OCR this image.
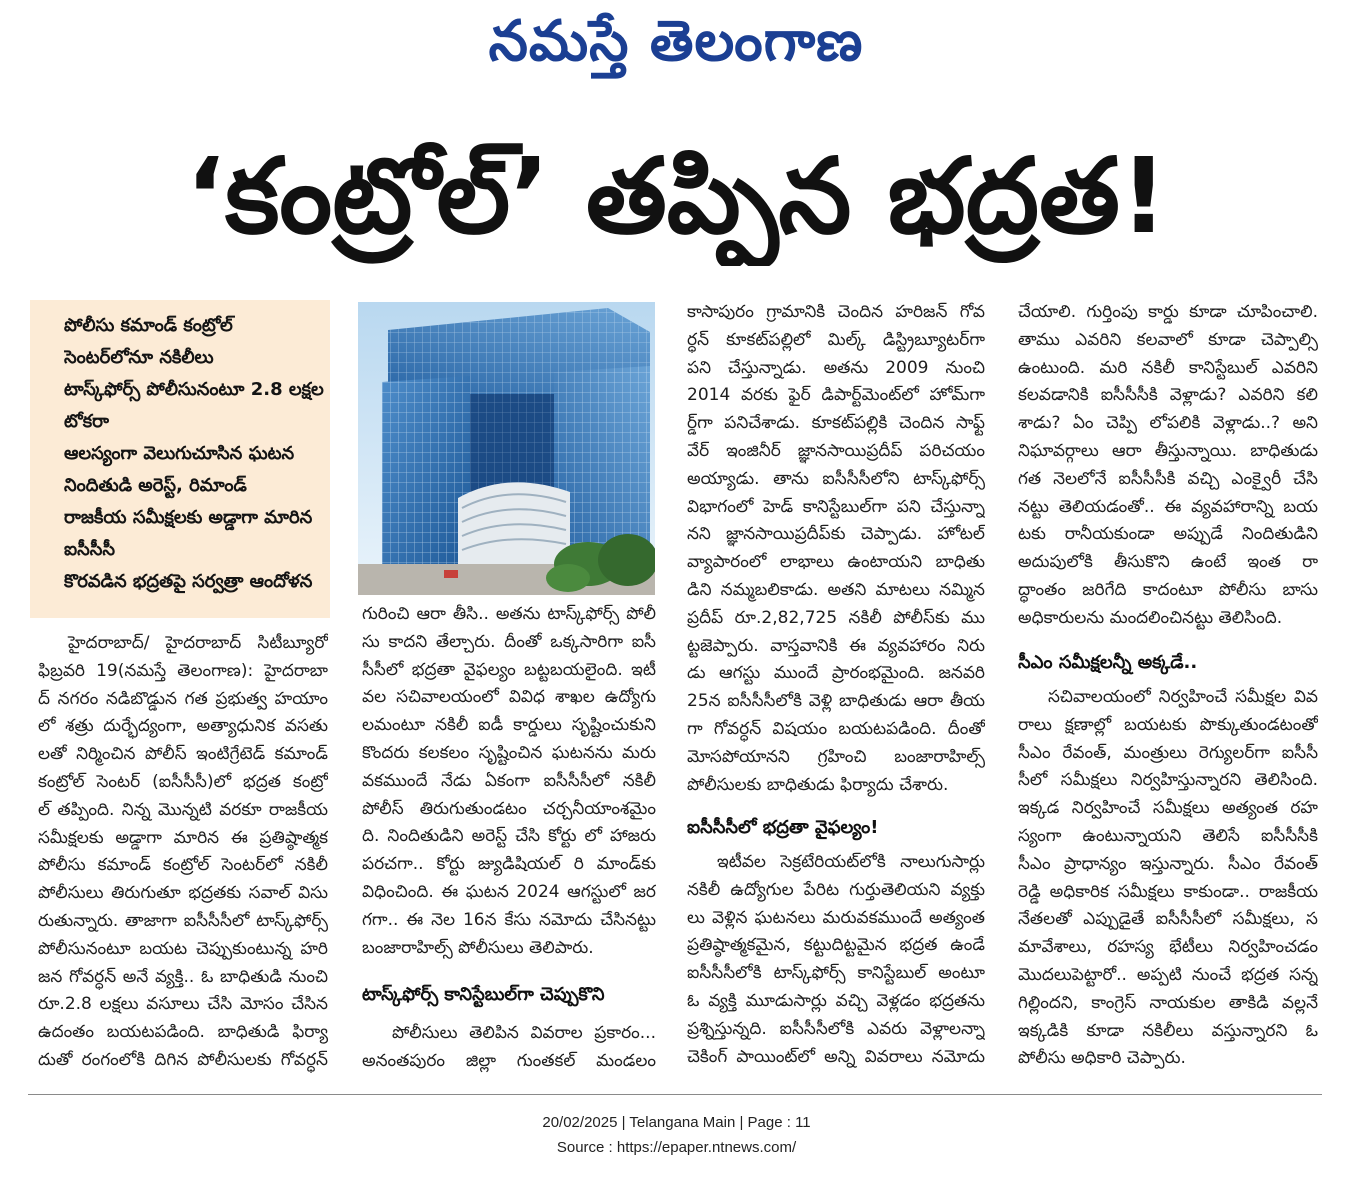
నమస్తే తెలంగాణ
‘కంట్రోల్’ తప్పిన భద్రత!
• పోలీసు కమాండ్ కంట్రోల్ సెంటర్‌లోనూ నకిలీలు
• టాస్క్‌ఫోర్స్ పోలీసునంటూ 2.8 లక్షల టోకరా
• ఆలస్యంగా వెలుగుచూసిన ఘటన
• నిందితుడి అరెస్ట్, రిమాండ్
• రాజకీయ సమీక్షలకు అడ్డాగా మారిన ఐసీసీసీ
• కొరవడిన భద్రతపై సర్వత్రా ఆందోళన
హైదరాబాద్/ హైదరాబాద్ సిటీబ్యూరో
ఫిబ్రవరి 19(నమస్తే తెలంగాణ): హైదరాబా
ద్ నగరం నడిబొడ్డున గత ప్రభుత్వ హయాం
లో శత్రు దుర్భేద్యంగా, అత్యాధునిక వసతు
లతో నిర్మించిన పోలీస్ ఇంటిగ్రేటెడ్ కమాండ్
కంట్రోల్ సెంటర్ (ఐసీసీసీ)లో భద్రత కంట్రో
ల్ తప్పింది. నిన్న మొన్నటి వరకూ రాజకీయ
సమీక్షలకు అడ్డాగా మారిన ఈ ప్రతిష్ఠాత్మక
పోలీసు కమాండ్ కంట్రోల్ సెంటర్‌లో నకిలీ
పోలీసులు తిరుగుతూ భద్రతకు సవాల్ విసు
రుతున్నారు. తాజాగా ఐసీసీసీలో టాస్క్‌ఫోర్స్
పోలీసునంటూ బయట చెప్పుకుంటున్న హరి
జన గోవర్ధన్ అనే వ్యక్తి.. ఓ బాధితుడి నుంచి
రూ.2.8 లక్షలు వసూలు చేసి మోసం చేసిన
ఉదంతం బయటపడింది. బాధితుడి ఫిర్యా
దుతో రంగంలోకి దిగిన పోలీసులకు గోవర్ధన్
గురించి ఆరా తీసి.. అతను టాస్క్‌ఫోర్స్ పోలీ
సు కాదని తేల్చారు. దీంతో ఒక్కసారిగా ఐసీ
సీసీలో భద్రతా వైఫల్యం బట్టబయలైంది. ఇటీ
వల సచివాలయంలో వివిధ శాఖల ఉద్యోగు
లమంటూ నకిలీ ఐడీ కార్డులు సృష్టించుకుని
కొందరు కలకలం సృష్టించిన ఘటనను మరు
వకముందే నేడు ఏకంగా ఐసీసీసీలో నకిలీ
పోలీస్ తిరుగుతుండటం చర్చనీయాంశమైం
ది. నిందితుడిని అరెస్ట్ చేసి కోర్టు లో హాజరు
పరచగా.. కోర్టు జ్యుడిషియల్ రి మాండ్‌కు
విధించింది. ఈ ఘటన 2024 ఆగస్టులో జర
గగా.. ఈ నెల 16న కేసు నమోదు చేసినట్టు
బంజారాహిల్స్ పోలీసులు తెలిపారు.
టాస్క్‌ఫోర్స్ కానిస్టేబుల్‌గా చెప్పుకొని
పోలీసులు తెలిపిన వివరాల ప్రకారం...
అనంతపురం జిల్లా గుంతకల్ మండలం
కాసాపురం గ్రామానికి చెందిన హరిజన్ గోవ
ర్ధన్ కూకట్‌పల్లిలో మిల్క్ డిస్ట్రిబ్యూటర్‌గా
పని చేస్తున్నాడు. అతను 2009 నుంచి
2014 వరకు ఫైర్ డిపార్ట్‌మెంట్‌లో హోమ్‌గా
ర్డ్‌గా పనిచేశాడు. కూకట్‌పల్లికి చెందిన సాఫ్ట్
వేర్ ఇంజినీర్ జ్ఞానసాయిప్రదీప్ పరిచయం
అయ్యాడు. తాను ఐసీసీసీలోని టాస్క్‌ఫోర్స్
విభాగంలో హెడ్ కానిస్టేబుల్‌గా పని చేస్తున్నా
నని జ్ఞానసాయిప్రదీప్‌కు చెప్పాడు. హోటల్
వ్యాపారంలో లాభాలు ఉంటాయని బాధితు
డిని నమ్మబలికాడు. అతని మాటలు నమ్మిన
ప్రదీప్ రూ.2,82,725 నకిలీ పోలీస్‌కు ము
ట్టజెప్పారు. వాస్తవానికి ఈ వ్యవహారం నిరు
డు ఆగస్టు ముందే ప్రారంభమైంది. జనవరి
25న ఐసీసీసీలోకి వెళ్లి బాధితుడు ఆరా తీయ
గా గోవర్ధన్ విషయం బయటపడింది. దీంతో
మోసపోయానని గ్రహించి బంజారాహిల్స్
పోలీసులకు బాధితుడు ఫిర్యాదు చేశారు.
ఐసీసీసీలో భద్రతా వైఫల్యం!
ఇటీవల సెక్రటేరియట్‌లోకి నాలుగుసార్లు
నకిలీ ఉద్యోగుల పేరిట గుర్తుతెలియని వ్యక్తు
లు వెళ్లిన ఘటనలు మరువకముందే అత్యంత
ప్రతిష్ఠాత్మకమైన, కట్టుదిట్టమైన భద్రత ఉండే
ఐసీసీసీలోకి టాస్క్‌ఫోర్స్ కానిస్టేబుల్ అంటూ
ఓ వ్యక్తి మూడుసార్లు వచ్చి వెళ్లడం భద్రతను
ప్రశ్నిస్తున్నది. ఐసీసీసీలోకి ఎవరు వెళ్లాలన్నా
చెకింగ్ పాయింట్‌లో అన్ని వివరాలు నమోదు
చేయాలి. గుర్తింపు కార్డు కూడా చూపించాలి.
తాము ఎవరిని కలవాలో కూడా చెప్పాల్సి
ఉంటుంది. మరి నకిలీ కానిస్టేబుల్ ఎవరిని
కలవడానికి ఐసీసీసీకి వెళ్లాడు? ఎవరిని కలి
శాడు? ఏం చెప్పి లోపలికి వెళ్లాడు..? అని
నిఘావర్గాలు ఆరా తీస్తున్నాయి. బాధితుడు
గత నెలలోనే ఐసీసీసీకి వచ్చి ఎంక్వైరీ చేసి
నట్టు తెలియడంతో.. ఈ వ్యవహారాన్ని బయ
టకు రానీయకుండా అప్పుడే నిందితుడిని
అదుపులోకి తీసుకొని ఉంటే ఇంత రా
ద్ధాంతం జరిగేది కాదంటూ పోలీసు బాసు
అధికారులను మందలించినట్టు తెలిసింది.
సీఎం సమీక్షలన్నీ అక్కడే..
సచివాలయంలో నిర్వహించే సమీక్షల వివ
రాలు క్షణాల్లో బయటకు పొక్కుతుండటంతో
సీఎం రేవంత్, మంత్రులు రెగ్యులర్‌గా ఐసీసీ
సీలో సమీక్షలు నిర్వహిస్తున్నారని తెలిసింది.
ఇక్కడ నిర్వహించే సమీక్షలు అత్యంత రహ
స్యంగా ఉంటున్నాయని తెలిసే ఐసీసీసీకి
సీఎం ప్రాధాన్యం ఇస్తున్నారు. సీఎం రేవంత్
రెడ్డి అధికారిక సమీక్షలు కాకుండా.. రాజకీయ
నేతలతో ఎప్పుడైతే ఐసీసీసీలో సమీక్షలు, స
మావేశాలు, రహస్య భేటీలు నిర్వహించడం
మొదలుపెట్టారో.. అప్పటి నుంచే భద్రత సన్న
గిల్లిందని, కాంగ్రెస్ నాయకుల తాకిడి వల్లనే
ఇక్కడికి కూడా నకిలీలు వస్తున్నారని ఓ
పోలీసు అధికారి చెప్పారు.
20/02/2025 | Telangana Main | Page : 11
Source : https://epaper.ntnews.com/
